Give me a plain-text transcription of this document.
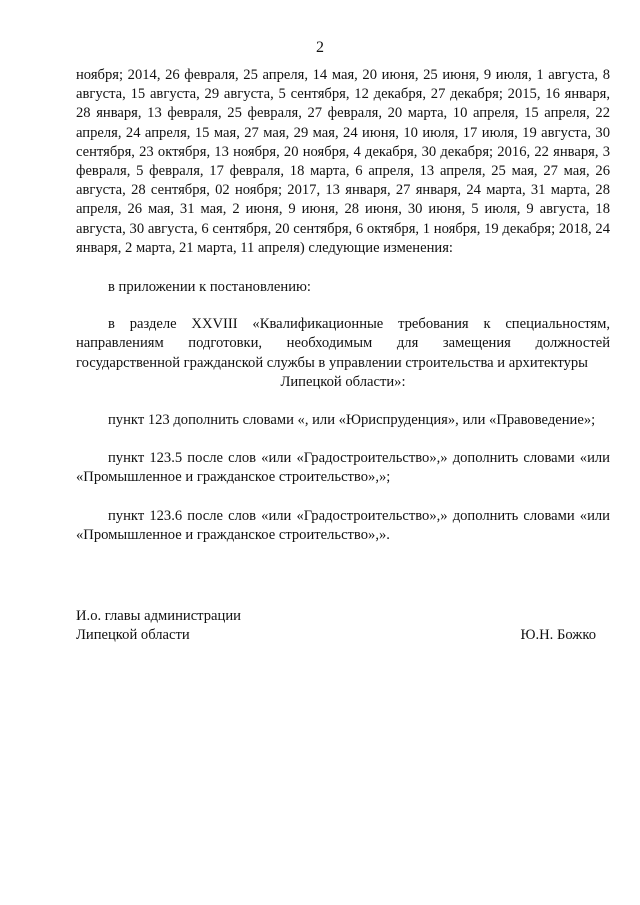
2

ноября; 2014, 26 февраля, 25 апреля, 14 мая, 20 июня, 25 июня, 9 июля, 1 августа, 8 августа, 15 августа, 29 августа, 5 сентября, 12 декабря, 27 декабря; 2015, 16 января, 28 января, 13 февраля, 25 февраля, 27 февраля, 20 марта, 10 апреля, 15 апреля, 22 апреля, 24 апреля, 15 мая, 27 мая, 29 мая, 24 июня, 10 июля, 17 июля, 19 августа, 30 сентября, 23 октября, 13 ноября, 20 ноября, 4 декабря, 30 декабря; 2016, 22 января, 3 февраля, 5 февраля, 17 февраля, 18 марта, 6 апреля, 13 апреля, 25 мая, 27 мая, 26 августа, 28 сентября, 02 ноября; 2017, 13 января, 27 января, 24 марта, 31 марта, 28 апреля, 26 мая, 31 мая, 2 июня, 9 июня, 28 июня, 30 июня, 5 июля, 9 августа, 18 августа, 30 августа, 6 сентября, 20 сентября, 6 октября, 1 ноября, 19 декабря; 2018, 24 января, 2 марта, 21 марта, 11 апреля) следующие изменения:

в приложении к постановлению:

в разделе XXVIII «Квалификационные требования к специальностям, направлениям подготовки, необходимым для замещения должностей государственной гражданской службы в управлении строительства и архитектуры
Липецкой области»:

пункт 123 дополнить словами «, или «Юриспруденция», или «Правоведение»;

пункт 123.5 после слов «или «Градостроительство»,» дополнить словами «или «Промышленное и гражданское строительство»,»;

пункт 123.6 после слов «или «Градостроительство»,» дополнить словами «или «Промышленное и гражданское строительство»,».

И.о. главы администрации
Липецкой области	Ю.Н. Божко
